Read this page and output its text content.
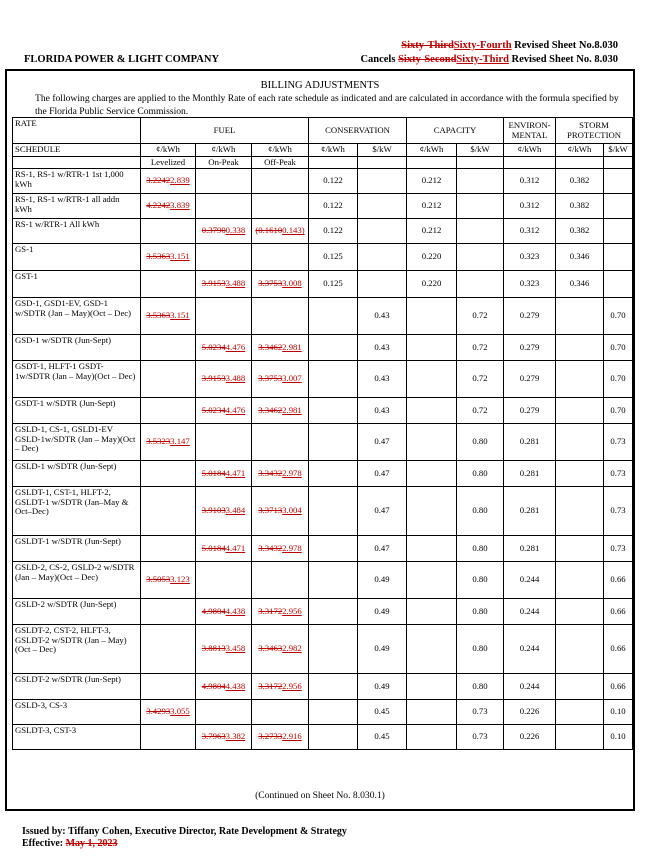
Sixty-ThirdSixty-Fourth Revised Sheet No.8.030
FLORIDA POWER & LIGHT COMPANY	Cancels Sixty-SecondSixty-Third Revised Sheet No. 8.030
BILLING ADJUSTMENTS
The following charges are applied to the Monthly Rate of each rate schedule as indicated and are calculated in accordance with the formula specified by the Florida Public Service Commission.
RATE	FUEL			CONSERVATION		CAPACITY		ENVIRON-MENTAL	STORM PROTECTION	
SCHEDULE	¢/kWh	¢/kWh	¢/kWh	¢/kWh	$/kW	¢/kWh	$/kW	¢/kWh	¢/kWh	$/kW
	Levelized	On-Peak	Off-Peak							
RS-1, RS-1 w/RTR-1 1st 1,000 kWh	3.22422.839			0.122		0.212		0.312	0.382	
RS-1, RS-1 w/RTR-1 all addn kWh	4.22423.839			0.122		0.212		0.312	0.382	
RS-1 w/RTR-1 All kWh		0.37900.338	(0.16100.143)	0.122		0.212		0.312	0.382	
GS-1	3.53633.151			0.125		0.220		0.323	0.346	
GST-1		3.91533.488	3.37533.008	0.125		0.220		0.323	0.346	
GSD-1, GSD1-EV, GSD-1 w/SDTR (Jan – May)(Oct – Dec)	3.53633.151				0.43		0.72	0.279		0.70
GSD-1 w/SDTR (Jun-Sept)		5.02344.476	3.34622.981		0.43		0.72	0.279		0.70
GSDT-1, HLFT-1 GSDT-1w/SDTR (Jan – May)(Oct – Dec)		3.91533.488	3.37533.007		0.43		0.72	0.279		0.70
GSDT-1 w/SDTR (Jun-Sept)		5.02344.476	3.34622.981		0.43		0.72	0.279		0.70
GSLD-1, CS-1, GSLD1-EV GSLD-1w/SDTR (Jan – May)(Oct – Dec)	3.53233.147				0.47		0.80	0.281		0.73
GSLD-1 w/SDTR (Jun-Sept)		5.01844.471	3.34322.978		0.47		0.80	0.281		0.73
GSLDT-1, CST-1, HLFT-2, GSLDT-1 w/SDTR (Jan–May & Oct–Dec)		3.91033.484	3.37133.004		0.47		0.80	0.281		0.73
GSLDT-1 w/SDTR (Jun-Sept)		5.01844.471	3.34322.978		0.47		0.80	0.281		0.73
GSLD-2, CS-2, GSLD-2 w/SDTR (Jan – May)(Oct – Dec)	3.50533.123				0.49		0.80	0.244		0.66
GSLD-2 w/SDTR (Jun-Sept)		4.98044.438	3.31722.956		0.49		0.80	0.244		0.66
GSLDT-2, CST-2, HLFT-3, GSLDT-2 w/SDTR (Jan – May)(Oct – Dec)		3.88133.458	3.34632.982		0.49		0.80	0.244		0.66
GSLDT-2 w/SDTR (Jun-Sept)		4.98044.438	3.31722.956		0.49		0.80	0.244		0.66
GSLD-3, CS-3	3.42933.055				0.45		0.73	0.226		0.10
GSLDT-3, CST-3		3.79633.382	3.27332.916		0.45		0.73	0.226		0.10
(Continued on Sheet No. 8.030.1)
Issued by: Tiffany Cohen, Executive Director, Rate Development & Strategy
Effective: May 1, 2023
